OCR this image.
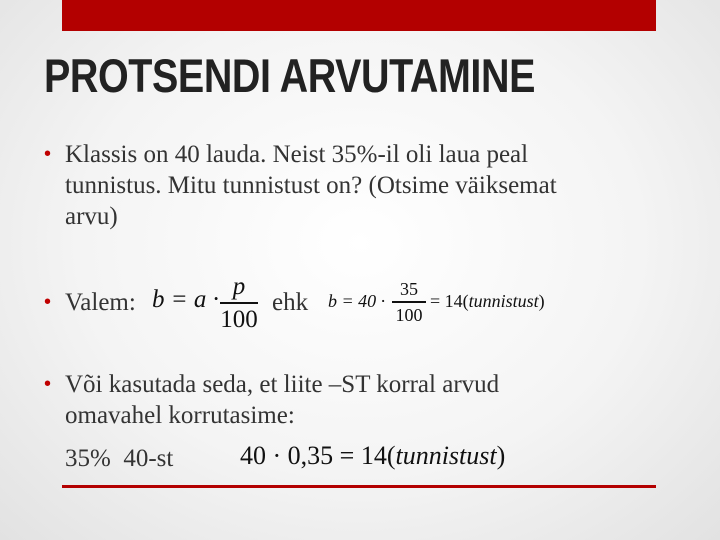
PROTSENDI ARVUTAMINE
• Klassis on 40 lauda. Neist 35%-il oli laua peal
tunnistus. Mitu tunnistust on? (Otsime väiksemat
arvu)
• Valem: b = a · p
100
ehk b = 40 ·
35
100
= 14(tunnistust)
• Või kasutada seda, et liite –ST korral arvud
omavahel korrutasime:
35%  40-st	40 · 0,35 = 14(tunnistust)
